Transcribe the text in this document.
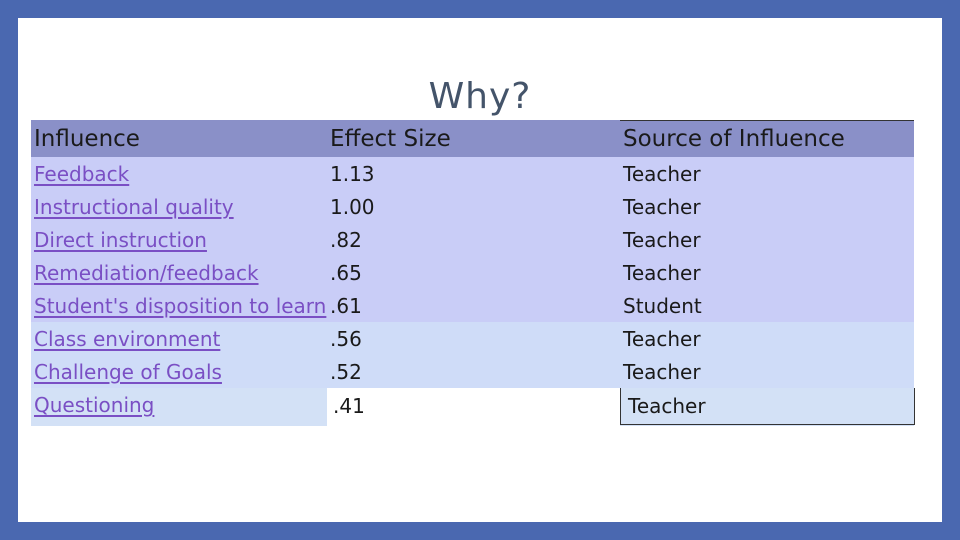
Why?
Influence	Effect Size	Source of Influence
Feedback	1.13	Teacher
Instructional quality	1.00	Teacher
Direct instruction	.82	Teacher
Remediation/feedback	.65	Teacher
Student's disposition to learn .61	Student
Class environment	.56	Teacher
Challenge of Goals	.52	Teacher
Questioning	.41	Teacher
